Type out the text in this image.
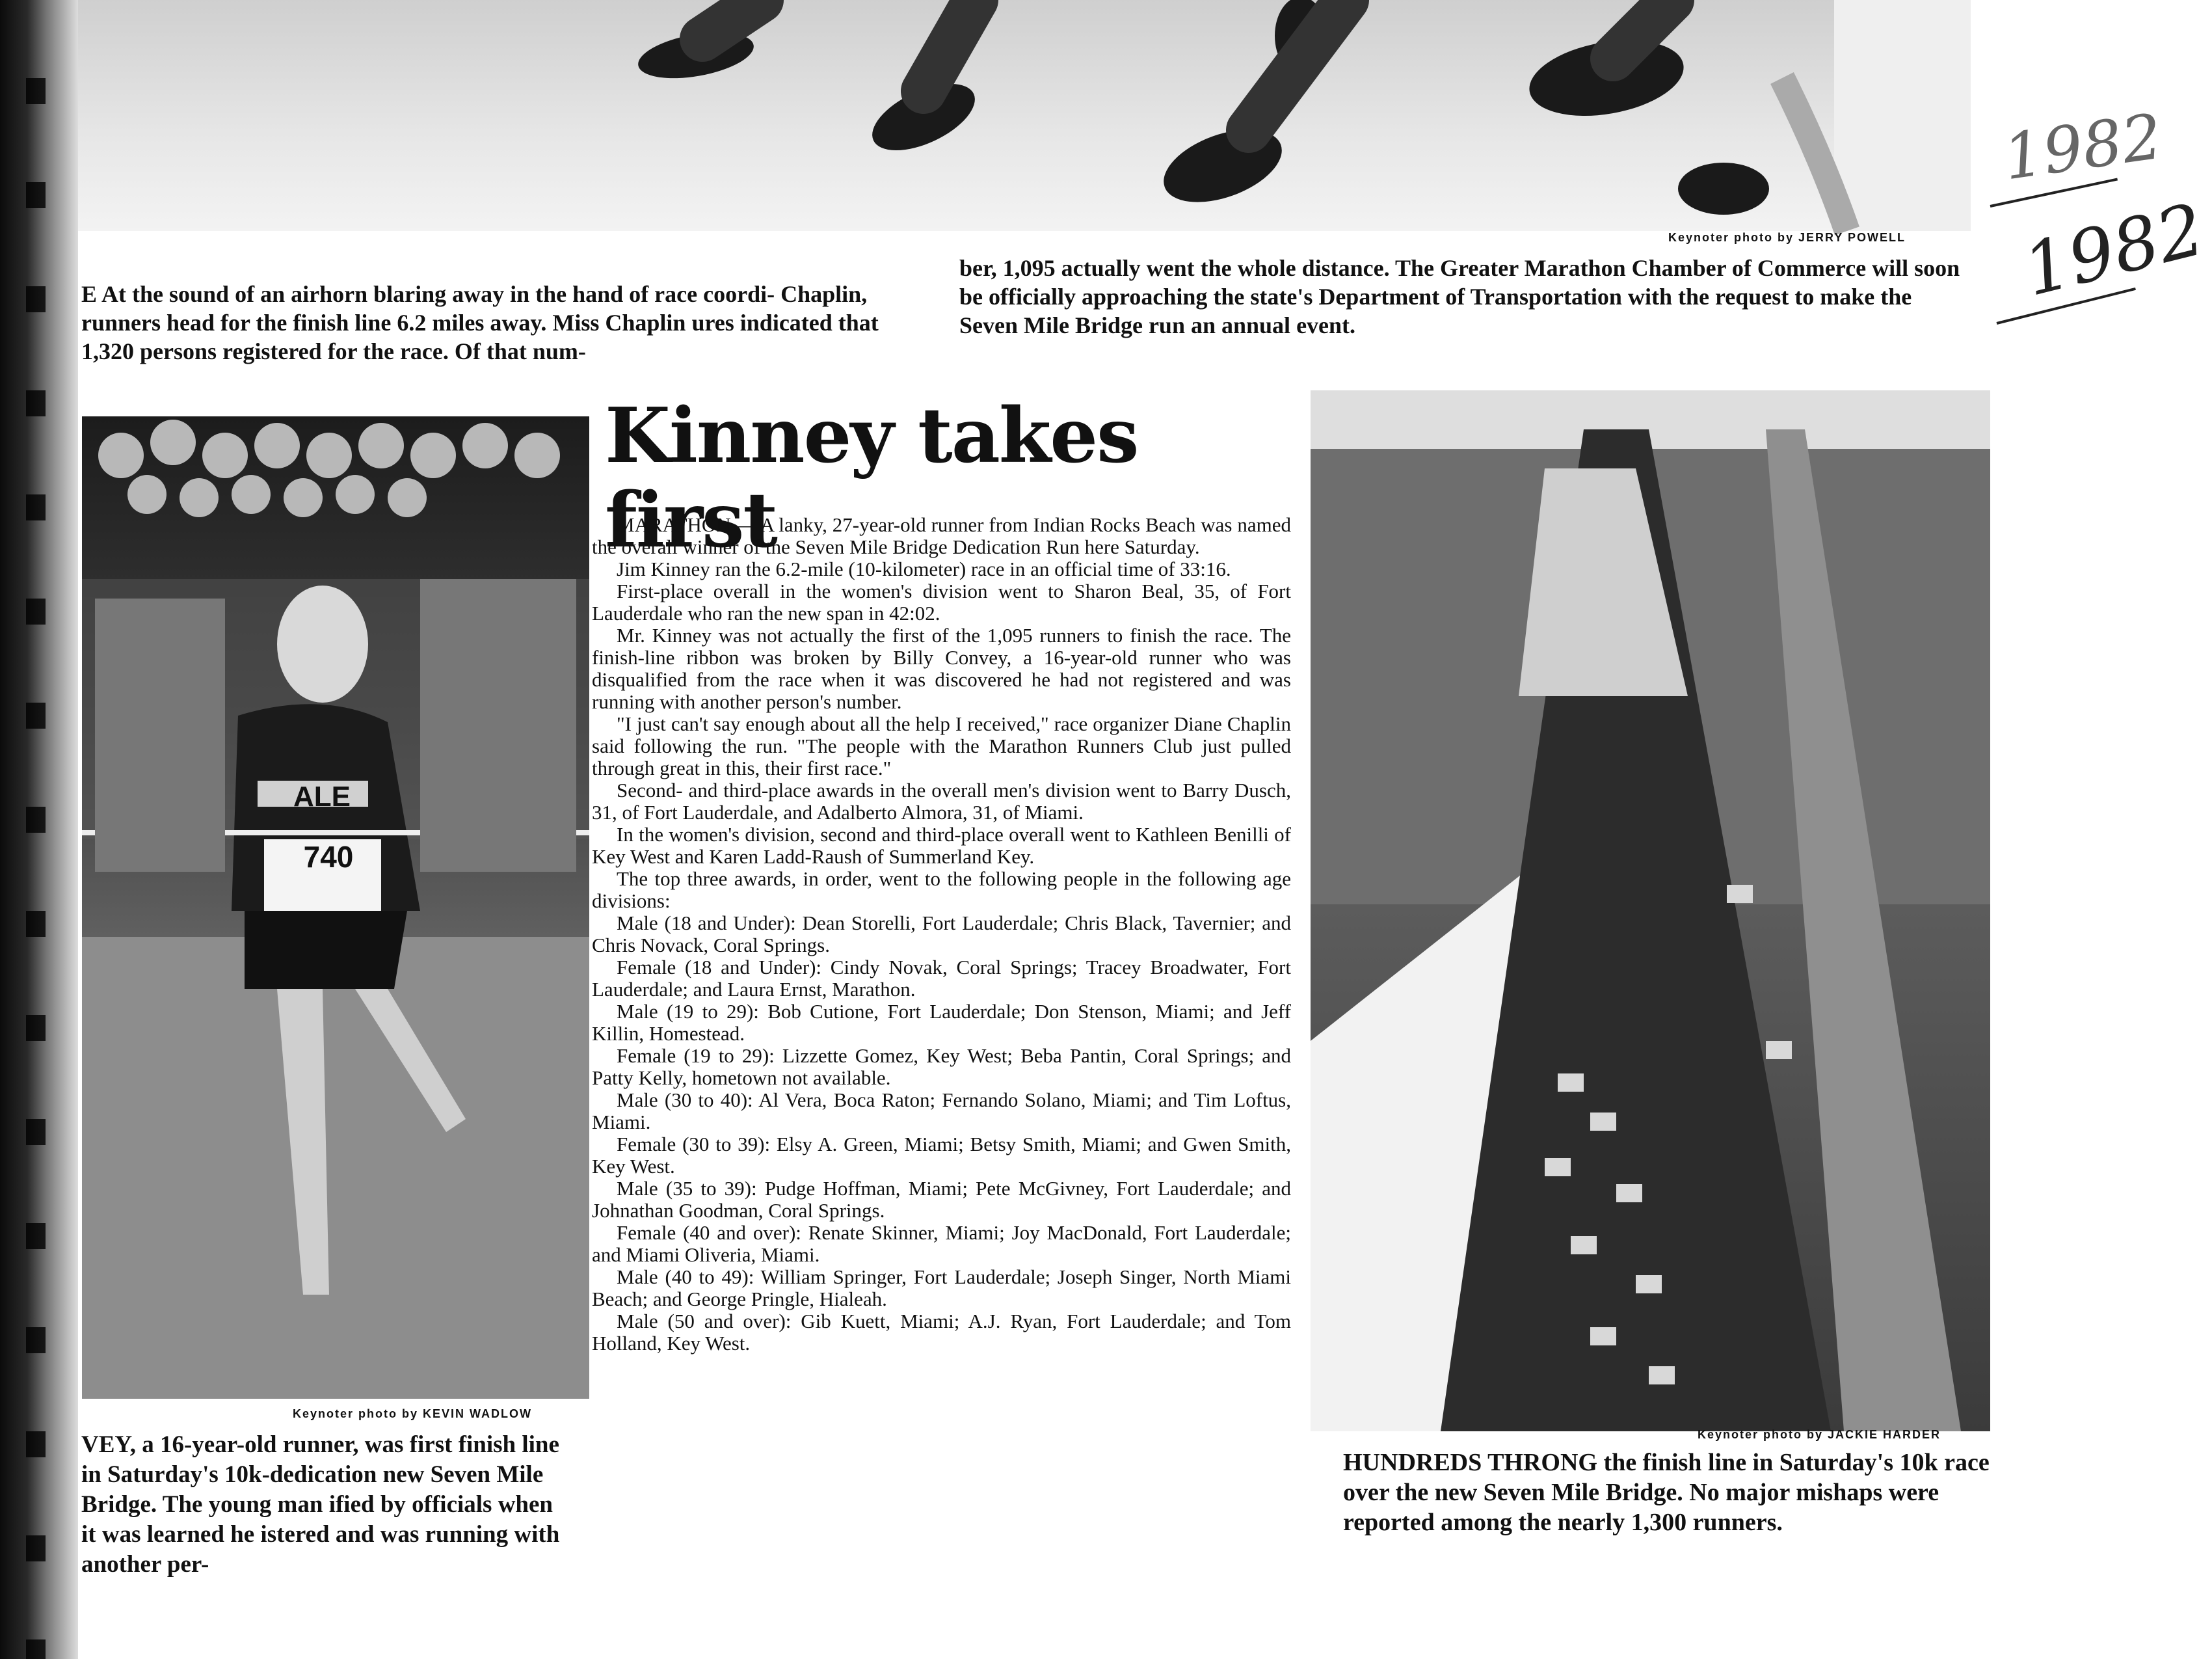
Keynoter photo by JERRY POWELL
E At the sound of an airhorn blaring away in the hand of race coordi- Chaplin, runners head for the finish line 6.2 miles away. Miss Chaplin ures indicated that 1,320 persons registered for the race. Of that num-
ber, 1,095 actually went the whole distance. The Greater Marathon Chamber of Commerce will soon be officially approaching the state's Department of Transportation with the request to make the Seven Mile Bridge run an annual event.
740
ALE
Keynoter photo by KEVIN WADLOW
VEY, a 16-year-old runner, was first finish line in Saturday's 10k-dedication new Seven Mile Bridge. The young man ified by officials when it was learned he istered and was running with another per-
Kinney takes first

MARATHON — A lanky, 27-year-old runner from Indian Rocks Beach was named the overall winner of the Seven Mile Bridge Dedication Run here Saturday.

Jim Kinney ran the 6.2-mile (10-kilometer) race in an official time of 33:16.

First-place overall in the women's division went to Sharon Beal, 35, of Fort Lauderdale who ran the new span in 42:02.

Mr. Kinney was not actually the first of the 1,095 runners to finish the race. The finish-line ribbon was broken by Billy Convey, a 16-year-old runner who was disqualified from the race when it was discovered he had not registered and was running with another person's number.

"I just can't say enough about all the help I received," race organizer Diane Chaplin said following the run. "The people with the Marathon Runners Club just pulled through great in this, their first race."

Second- and third-place awards in the overall men's division went to Barry Dusch, 31, of Fort Lauderdale, and Adalberto Almora, 31, of Miami.

In the women's division, second and third-place overall went to Kathleen Benilli of Key West and Karen Ladd-Raush of Summerland Key.

The top three awards, in order, went to the following people in the following age divisions:

Male (18 and Under): Dean Storelli, Fort Lauderdale; Chris Black, Tavernier; and Chris Novack, Coral Springs.

Female (18 and Under): Cindy Novak, Coral Springs; Tracey Broadwater, Fort Lauderdale; and Laura Ernst, Marathon.

Male (19 to 29): Bob Cutione, Fort Lauderdale; Don Stenson, Miami; and Jeff Killin, Homestead.

Female (19 to 29): Lizzette Gomez, Key West; Beba Pantin, Coral Springs; and Patty Kelly, hometown not available.

Male (30 to 40): Al Vera, Boca Raton; Fernando Solano, Miami; and Tim Loftus, Miami.

Female (30 to 39): Elsy A. Green, Miami; Betsy Smith, Miami; and Gwen Smith, Key West.

Male (35 to 39): Pudge Hoffman, Miami; Pete McGivney, Fort Lauderdale; and Johnathan Goodman, Coral Springs.

Female (40 and over): Renate Skinner, Miami; Joy MacDonald, Fort Lauderdale; and Miami Oliveria, Miami.

Male (40 to 49): William Springer, Fort Lauderdale; Joseph Singer, North Miami Beach; and George Pringle, Hialeah.

Male (50 and over): Gib Kuett, Miami; A.J. Ryan, Fort Lauderdale; and Tom Holland, Key West.

Keynoter photo by JACKIE HARDER
HUNDREDS THRONG the finish line in Saturday's 10k race over the new Seven Mile Bridge. No major mishaps were reported among the nearly 1,300 runners.
1982
1982
